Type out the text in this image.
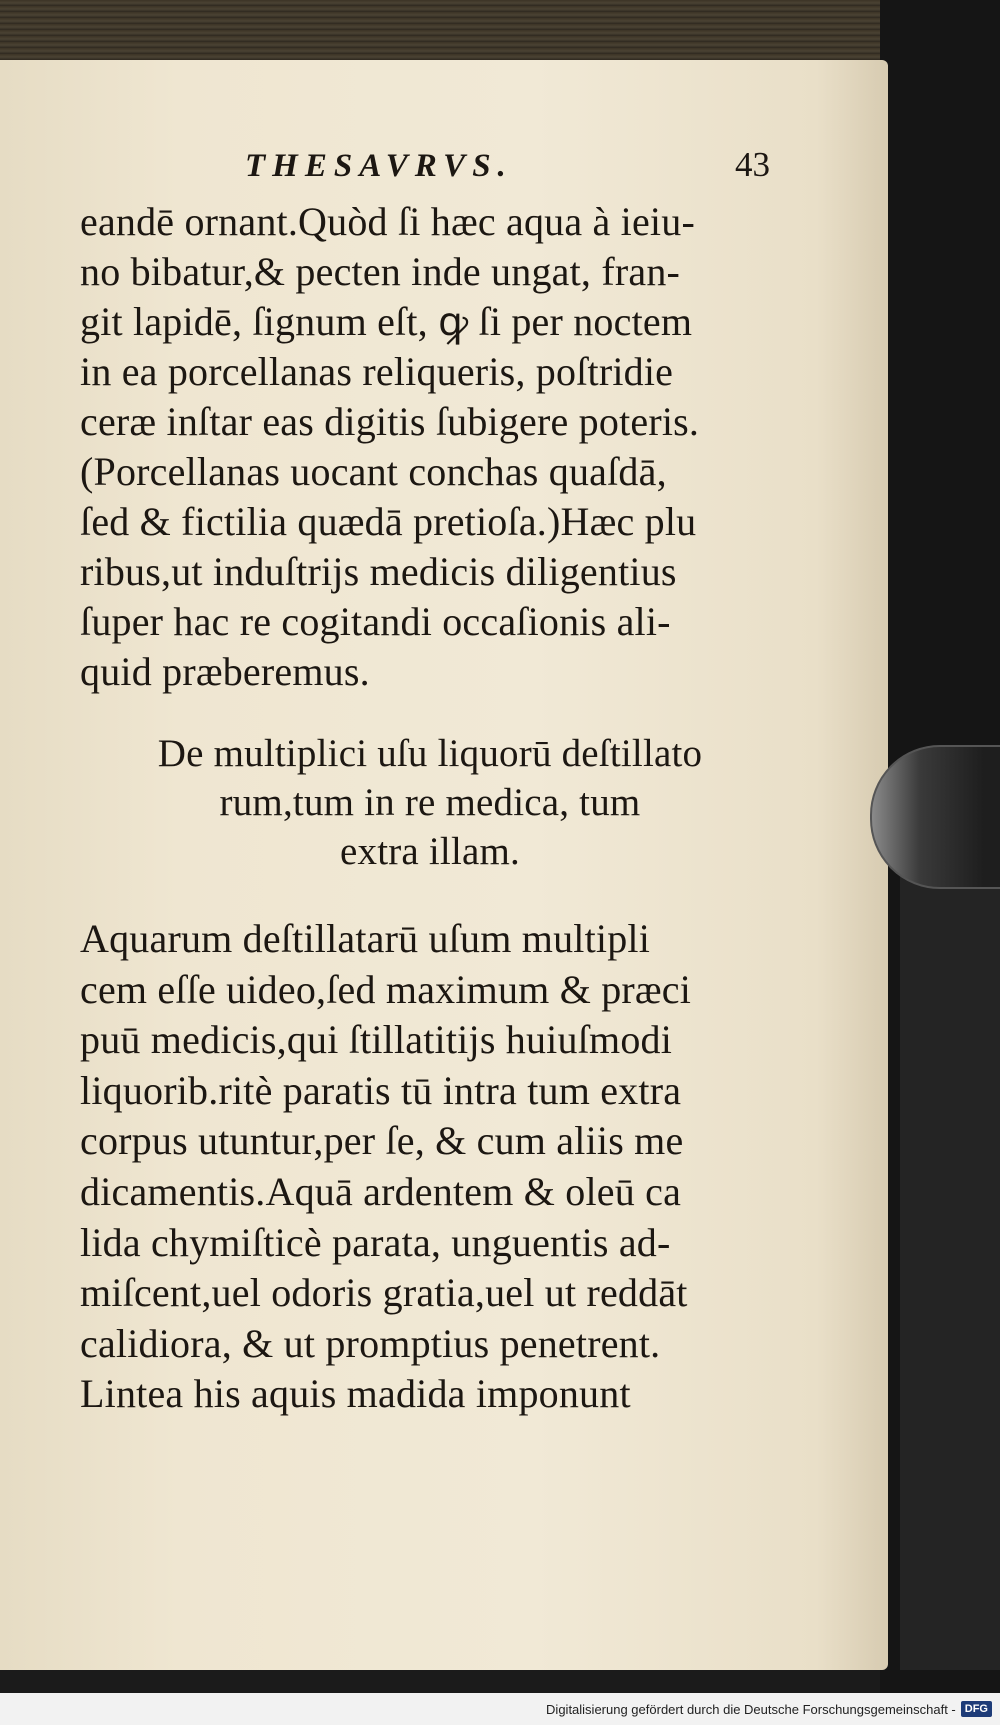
THESAVRVS.	43

eandē ornant.Quòd ſi hæc aqua à ieiu-
no bibatur,& pecten inde ungat, fran-
git lapidē, ſignum eſt, ꝙ ſi per noctem
in ea porcellanas reliqueris, poſtridie
ceræ inſtar eas digitis ſubigere poteris.
(Porcellanas uocant conchas quaſdā,
ſed & fictilia quædā pretioſa.)Hæc plu
ribus,ut induſtrijs medicis diligentius
ſuper hac re cogitandi occaſionis ali-
quid præberemus.

De multiplici uſu liquorū deſtillato
rum,tum in re medica, tum
extra illam.

Aquarum deſtillatarū uſum multipli
cem eſſe uideo,ſed maximum & præci
puū medicis,qui ſtillatitijs huiuſmodi
liquorib.ritè paratis tū intra tum extra
corpus utuntur,per ſe, & cum aliis me
dicamentis.Aquā ardentem & oleū ca
lida chymiſticè parata, unguentis ad-
miſcent,uel odoris gratia,uel ut reddāt
calidiora, & ut promptius penetrent.
Lintea his aquis madida imponunt

Digitalisierung gefördert durch die Deutsche Forschungsgemeinschaft - DFG
